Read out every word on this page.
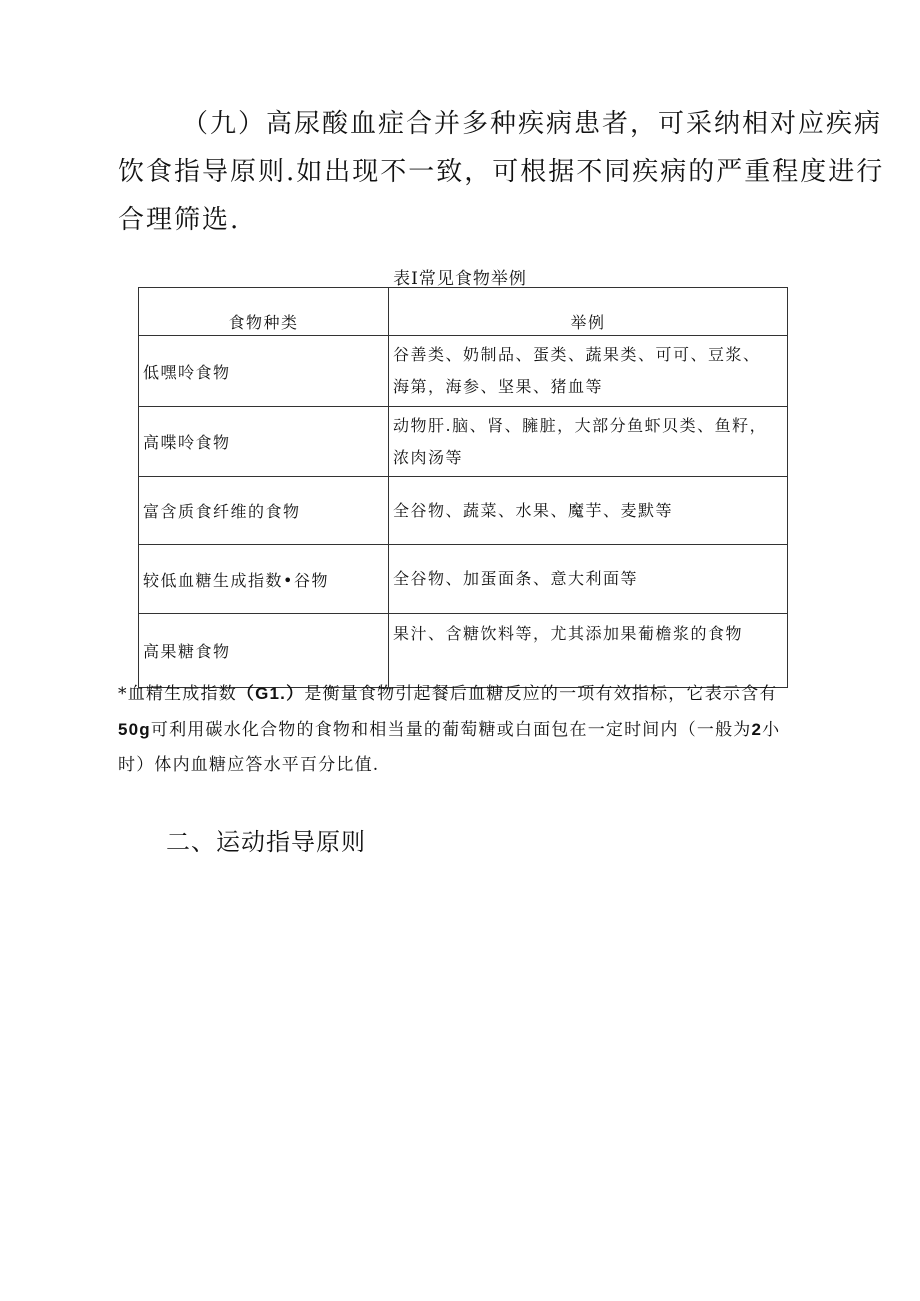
（九）高尿酸血症合并多种疾病患者，可采纳相对应疾病
饮食指导原则.如出现不一致，可根据不同疾病的严重程度进行
合理筛选.
表I常见食物举例
食物种类	举例
低嘿呤食物	谷善类、奶制品、蛋类、蔬果类、可可、豆浆、
海第，海参、坚果、猪血等

高喋呤食物	动物肝.脑、肾、臃脏，大部分鱼虾贝类、鱼籽，
浓肉汤等

富含质食纤维的食物	全谷物、蔬菜、水果、魔芋、麦默等

较低血糖生成指数•谷物	全谷物、加蛋面条、意大利面等

高果糖食物	果汁、含糖饮料等，尤其添加果葡檐浆的食物
*血精生成指数（G1.）是衡量食物引起餐后血糖反应的一项有效指标，它表示含有
50g可利用碳水化合物的食物和相当量的葡萄糖或白面包在一定时间内（一般为2小
时）体内血糖应答水平百分比值.
二、运动指导原则
